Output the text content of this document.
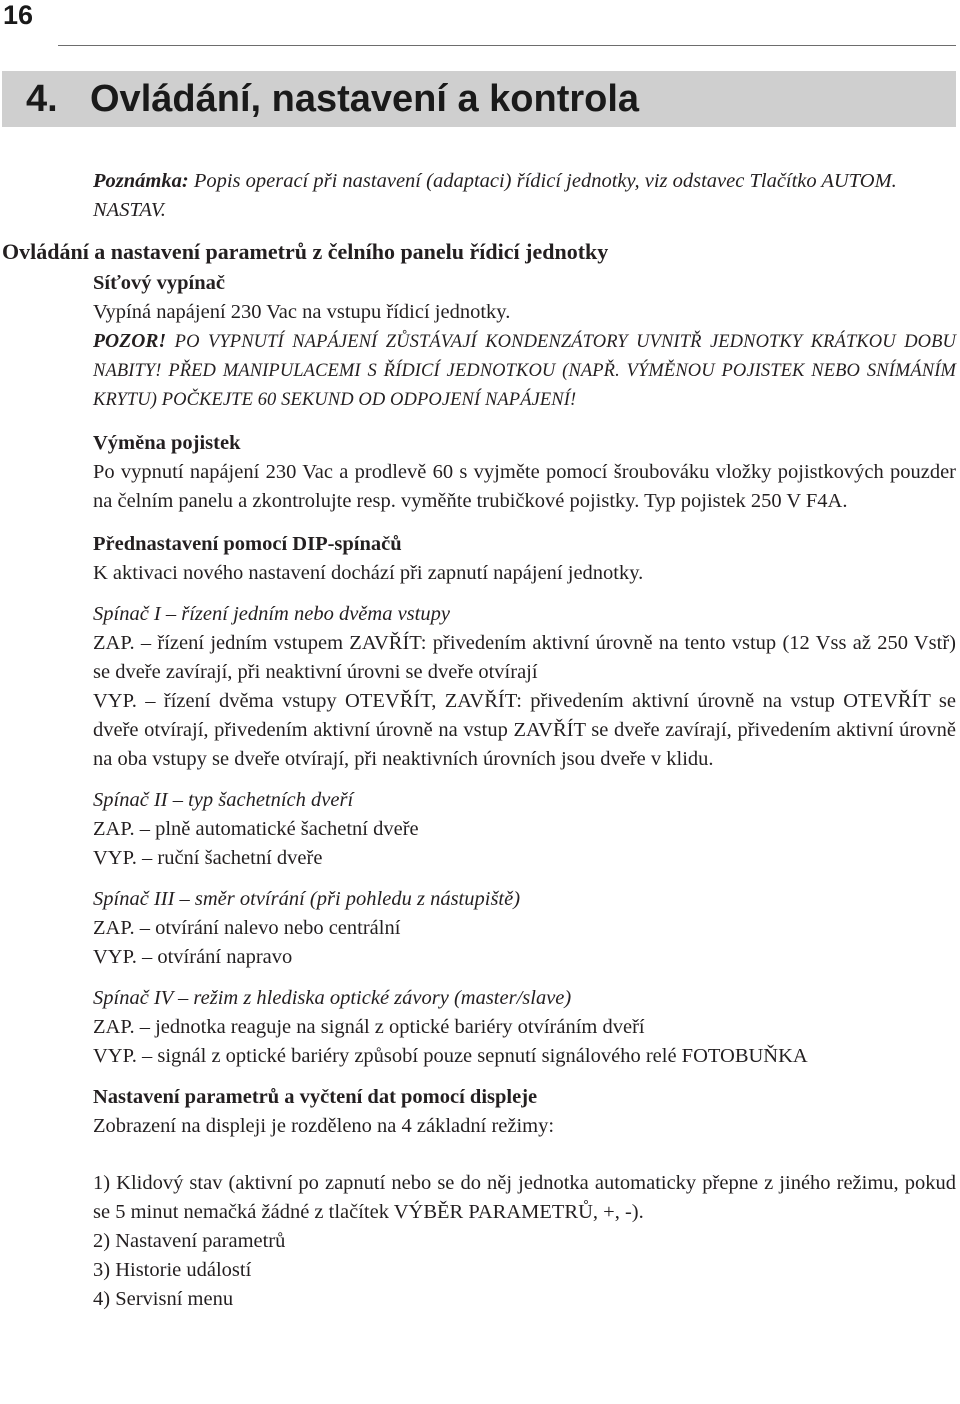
16
4. Ovládání, nastavení a kontrola
Ovládání a nastavení parametrů z čelního panelu řídicí jednotky

Poznámka: Popis operací při nastavení (adaptaci) řídicí jednotky, viz odstavec Tlačítko AUTOM. NASTAV.

Síťový vypínač

Vypíná napájení 230 Vac na vstupu řídicí jednotky.

POZOR! PO VYPNUTÍ NAPÁJENÍ ZŮSTÁVAJÍ KONDENZÁTORY UVNITŘ JEDNOTKY KRÁTKOU DOBU NABITY! PŘED MANIPULACEMI S ŘÍDICÍ JEDNOTKOU (NAPŘ. VÝMĚNOU POJISTEK NEBO SNÍMÁNÍM KRYTU) POČKEJTE 60 SEKUND OD ODPOJENÍ NAPÁJENÍ!

Výměna pojistek

Po vypnutí napájení 230 Vac a prodlevě 60 s vyjměte pomocí šroubováku vložky pojistkových pouzder na čelním panelu a zkontrolujte resp. vyměňte trubičkové pojistky. Typ pojistek 250 V F4A.

Přednastavení pomocí DIP-spínačů

K aktivaci nového nastavení dochází při zapnutí napájení jednotky.

Spínač I – řízení jedním nebo dvěma vstupy

ZAP. – řízení jedním vstupem ZAVŘÍT: přivedením aktivní úrovně na tento vstup (12 Vss až 250 Vstř) se dveře zavírají, při neaktivní úrovni se dveře otvírají

VYP. – řízení dvěma vstupy OTEVŘÍT, ZAVŘÍT: přivedením aktivní úrovně na vstup OTEVŘÍT se dveře otvírají, přivedením aktivní úrovně na vstup ZAVŘÍT se dveře zavírají, přivedením aktivní úrovně na oba vstupy se dveře otvírají, při neaktivních úrovních jsou dveře v klidu.

Spínač II – typ šachetních dveří

ZAP. – plně automatické šachetní dveře

VYP. – ruční šachetní dveře

Spínač III – směr otvírání (při pohledu z nástupiště)

ZAP. – otvírání nalevo nebo centrální

VYP. – otvírání napravo

Spínač IV – režim z hlediska optické závory (master/slave)

ZAP. – jednotka reaguje na signál z optické bariéry otvíráním dveří

VYP. – signál z optické bariéry způsobí pouze sepnutí signálového relé FOTOBUŇKA

Nastavení parametrů a vyčtení dat pomocí displeje

Zobrazení na displeji je rozděleno na 4 základní režimy:

1) Klidový stav (aktivní po zapnutí nebo se do něj jednotka automaticky přepne z jiného režimu, pokud se 5 minut nemačká žádné z tlačítek VÝBĚR PARAMETRŮ, +, -).

2) Nastavení parametrů

3) Historie událostí

4) Servisní menu
